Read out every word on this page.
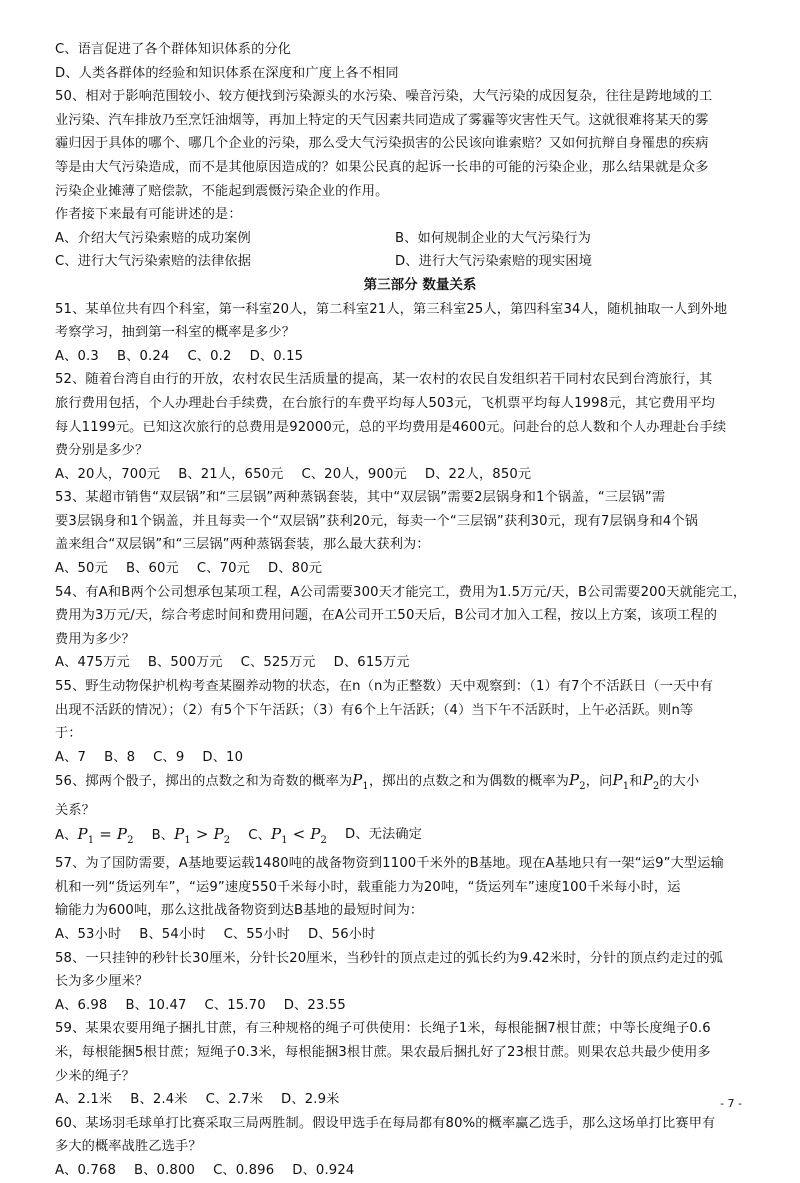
C、语言促进了各个群体知识体系的分化
D、人类各群体的经验和知识体系在深度和广度上各不相同
50、相对于影响范围较小、较方便找到污染源头的水污染、噪音污染，大气污染的成因复杂，往往是跨地域的工
业污染、汽车排放乃至烹饪油烟等，再加上特定的天气因素共同造成了雾霾等灾害性天气。这就很难将某天的雾
霾归因于具体的哪个、哪几个企业的污染，那么受大气污染损害的公民该向谁索赔？又如何抗辩自身罹患的疾病
等是由大气污染造成，而不是其他原因造成的？如果公民真的起诉一长串的可能的污染企业，那么结果就是众多
污染企业摊薄了赔偿款，不能起到震慑污染企业的作用。
作者接下来最有可能讲述的是：
A、介绍大气污染索赔的成功案例	B、如何规制企业的大气污染行为
C、进行大气污染索赔的法律依据	D、进行大气污染索赔的现实困境
第三部分 数量关系
51、某单位共有四个科室，第一科室20人，第二科室21人，第三科室25人，第四科室34人，随机抽取一人到外地
考察学习，抽到第一科室的概率是多少？
A、0.3 B、0.24 C、0.2 D、0.15
52、随着台湾自由行的开放，农村农民生活质量的提高，某一农村的农民自发组织若干同村农民到台湾旅行，其
旅行费用包括，个人办理赴台手续费，在台旅行的车费平均每人503元，飞机票平均每人1998元，其它费用平均
每人1199元。已知这次旅行的总费用是92000元，总的平均费用是4600元。问赴台的总人数和个人办理赴台手续
费分别是多少？
A、20人，700元 B、21人，650元 C、20人，900元 D、22人，850元
53、某超市销售“双层锅”和“三层锅”两种蒸锅套装，其中“双层锅”需要2层锅身和1个锅盖，“三层锅”需
要3层锅身和1个锅盖，并且每卖一个“双层锅”获利20元，每卖一个“三层锅”获利30元，现有7层锅身和4个锅
盖来组合“双层锅”和“三层锅”两种蒸锅套装，那么最大获利为：
A、50元 B、60元 C、70元 D、80元
54、有A和B两个公司想承包某项工程，A公司需要300天才能完工，费用为1.5万元/天，B公司需要200天就能完工，
费用为3万元/天，综合考虑时间和费用问题，在A公司开工50天后，B公司才加入工程，按以上方案，该项工程的
费用为多少？
A、475万元 B、500万元 C、525万元 D、615万元
55、野生动物保护机构考查某圈养动物的状态，在n（n为正整数）天中观察到：（1）有7个不活跃日（一天中有
出现不活跃的情况）；（2）有5个下午活跃；（3）有6个上午活跃；（4）当下午不活跃时，上午必活跃。则n等
于：
A、7 B、8 C、9 D、10
56、掷两个骰子，掷出的点数之和为奇数的概率为$P_1$，掷出的点数之和为偶数的概率为$P_2$，问$P_1$和$P_2$的大小
关系？
A、$P_1 = P_2$ B、$P_1 > P_2$ C、$P_1 < P_2$ D、无法确定
57、为了国防需要，A基地要运载1480吨的战备物资到1100千米外的B基地。现在A基地只有一架“运9”大型运输
机和一列“货运列车”，“运9”速度550千米每小时，载重能力为20吨，“货运列车”速度100千米每小时，运
输能力为600吨，那么这批战备物资到达B基地的最短时间为：
A、53小时 B、54小时 C、55小时 D、56小时
58、一只挂钟的秒针长30厘米，分针长20厘米，当秒针的顶点走过的弧长约为9.42米时，分针的顶点约走过的弧
长为多少厘米？
A、6.98 B、10.47 C、15.70 D、23.55
59、某果农要用绳子捆扎甘蔗，有三种规格的绳子可供使用：长绳子1米，每根能捆7根甘蔗；中等长度绳子0.6
米，每根能捆5根甘蔗；短绳子0.3米，每根能捆3根甘蔗。果农最后捆扎好了23根甘蔗。则果农总共最少使用多
少米的绳子？
A、2.1米 B、2.4米 C、2.7米 D、2.9米
60、某场羽毛球单打比赛采取三局两胜制。假设甲选手在每局都有80%的概率赢乙选手，那么这场单打比赛甲有
多大的概率战胜乙选手？
A、0.768 B、0.800 C、0.896 D、0.924
- 7 -
